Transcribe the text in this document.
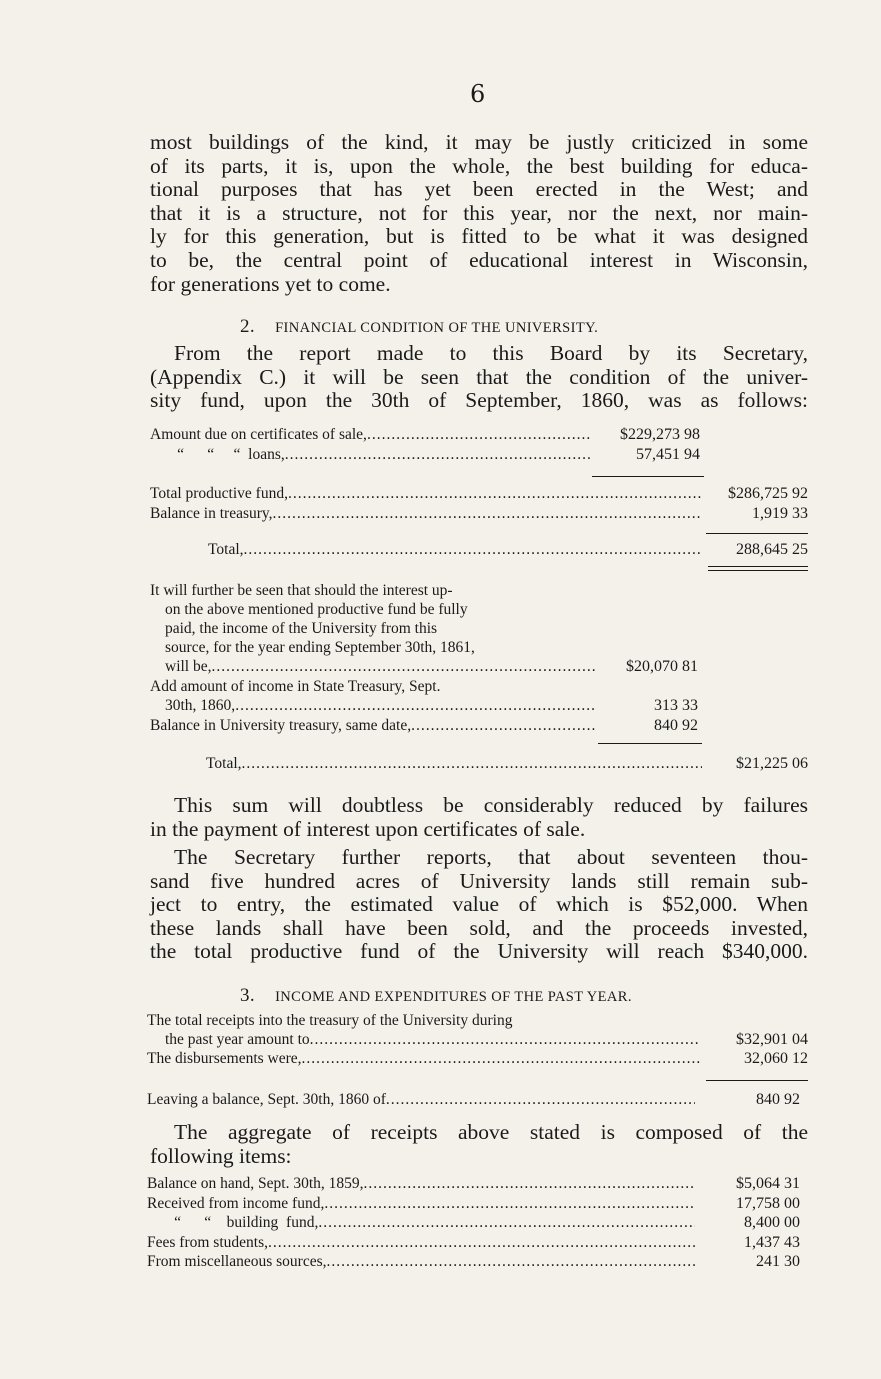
6
most buildings of the kind, it may be justly criticized in some
of its parts, it is, upon the whole, the best building for educa-
tional purposes that has yet been erected in the West; and
that it is a structure, not for this year, nor the next, nor main-
ly for this generation, but is fitted to be what it was designed
to be, the central point of educational interest in Wisconsin,
for generations yet to come.
2. FINANCIAL CONDITION OF THE UNIVERSITY.
From the report made to this Board by its Secretary,
(Appendix C.) it will be seen that the condition of the univer-
sity fund, upon the 30th of September, 1860, was as follows:
Amount due on certificates of sale, .....	$229,273 98
“      “     “  loans, .....	57,451 94
Total productive fund, .....	$286,725 92
Balance in treasury, .....	1,919 33
Total, .....	288,645 25
It will further be seen that should the interest up-
on the above mentioned productive fund be fully
paid, the income of the University from this
source, for the year ending September 30th, 1861,
will be, .....	$20,070 81
Add amount of income in State Treasury, Sept.
30th, 1860, .....	313 33
Balance in University treasury, same date, .....	840 92
Total, .....	$21,225 06
This sum will doubtless be considerably reduced by failures
in the payment of interest upon certificates of sale.
The Secretary further reports, that about seventeen thou-
sand five hundred acres of University lands still remain sub-
ject to entry, the estimated value of which is $52,000. When
these lands shall have been sold, and the proceeds invested,
the total productive fund of the University will reach $340,000.
3. INCOME AND EXPENDITURES OF THE PAST YEAR.
The total receipts into the treasury of the University during
the past year amount to .....	$32,901 04
The disbursements were, .....	32,060 12
Leaving a balance, Sept. 30th, 1860 of .....	840 92
The aggregate of receipts above stated is composed of the
following items:
Balance on hand, Sept. 30th, 1859, .....	$5,064 31
Received from income fund, .....	17,758 00
“      “    building  fund, .....	8,400 00
Fees from students, .....	1,437 43
From miscellaneous sources, .....	241 30
